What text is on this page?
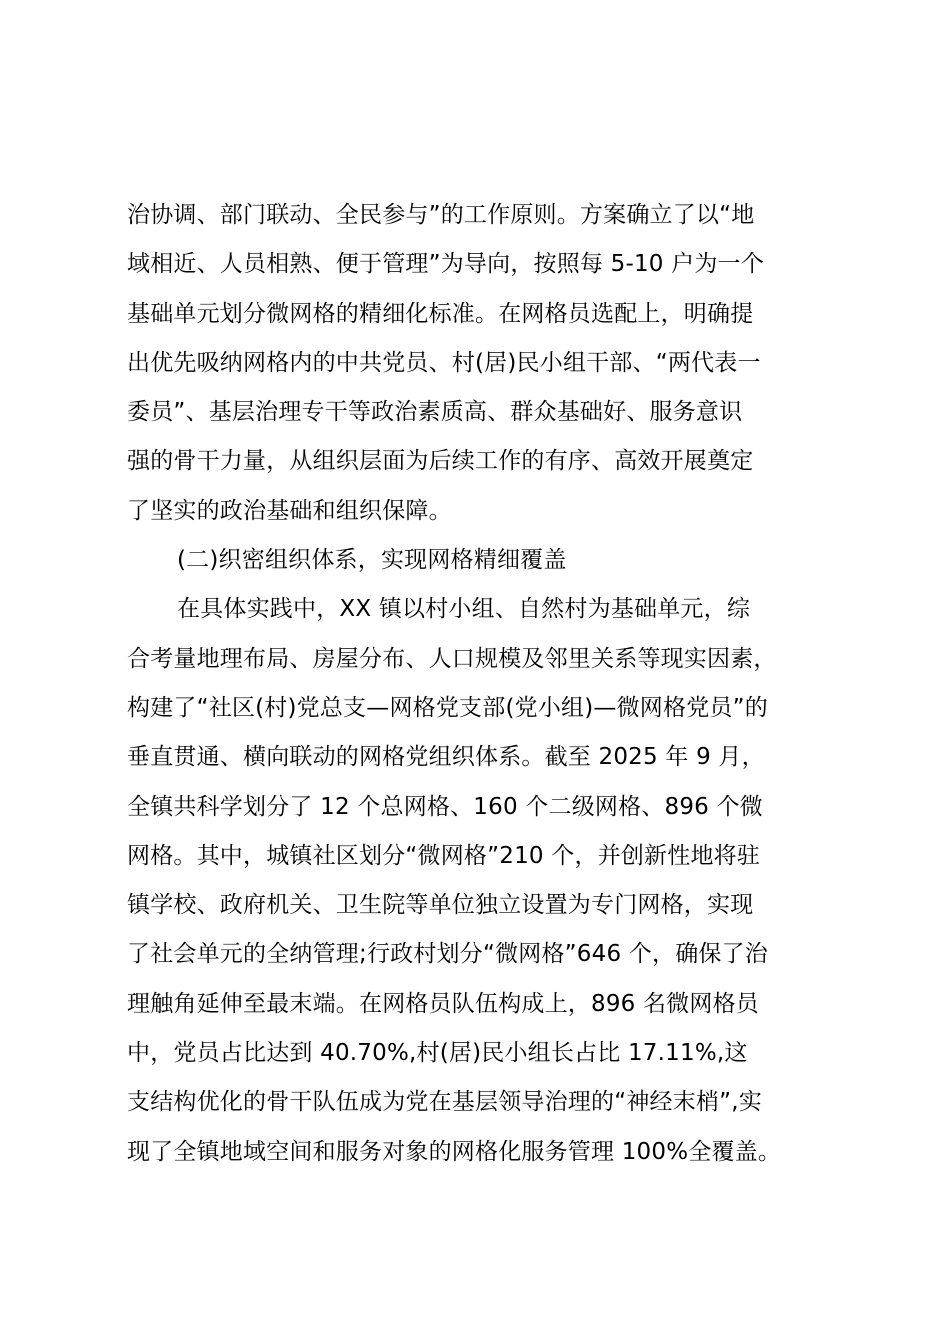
治协调、部门联动、全民参与”的工作原则。方案确立了以“地
域相近、人员相熟、便于管理”为导向，按照每 5-10 户为一个
基础单元划分微网格的精细化标准。在网格员选配上，明确提
出优先吸纳网格内的中共党员、村(居)民小组干部、“两代表一
委员”、基层治理专干等政治素质高、群众基础好、服务意识
强的骨干力量，从组织层面为后续工作的有序、高效开展奠定
了坚实的政治基础和组织保障。
(二)织密组织体系，实现网格精细覆盖
在具体实践中，XX 镇以村小组、自然村为基础单元，综
合考量地理布局、房屋分布、人口规模及邻里关系等现实因素，
构建了“社区(村)党总支—网格党支部(党小组)—微网格党员”的
垂直贯通、横向联动的网格党组织体系。截至 2025 年 9 月，
全镇共科学划分了 12 个总网格、160 个二级网格、896 个微
网格。其中，城镇社区划分“微网格”210 个，并创新性地将驻
镇学校、政府机关、卫生院等单位独立设置为专门网格，实现
了社会单元的全纳管理;行政村划分“微网格”646 个，确保了治
理触角延伸至最末端。在网格员队伍构成上，896 名微网格员
中，党员占比达到 40.70%,村(居)民小组长占比 17.11%,这
支结构优化的骨干队伍成为党在基层领导治理的“神经末梢”,实
现了全镇地域空间和服务对象的网格化服务管理 100%全覆盖。
